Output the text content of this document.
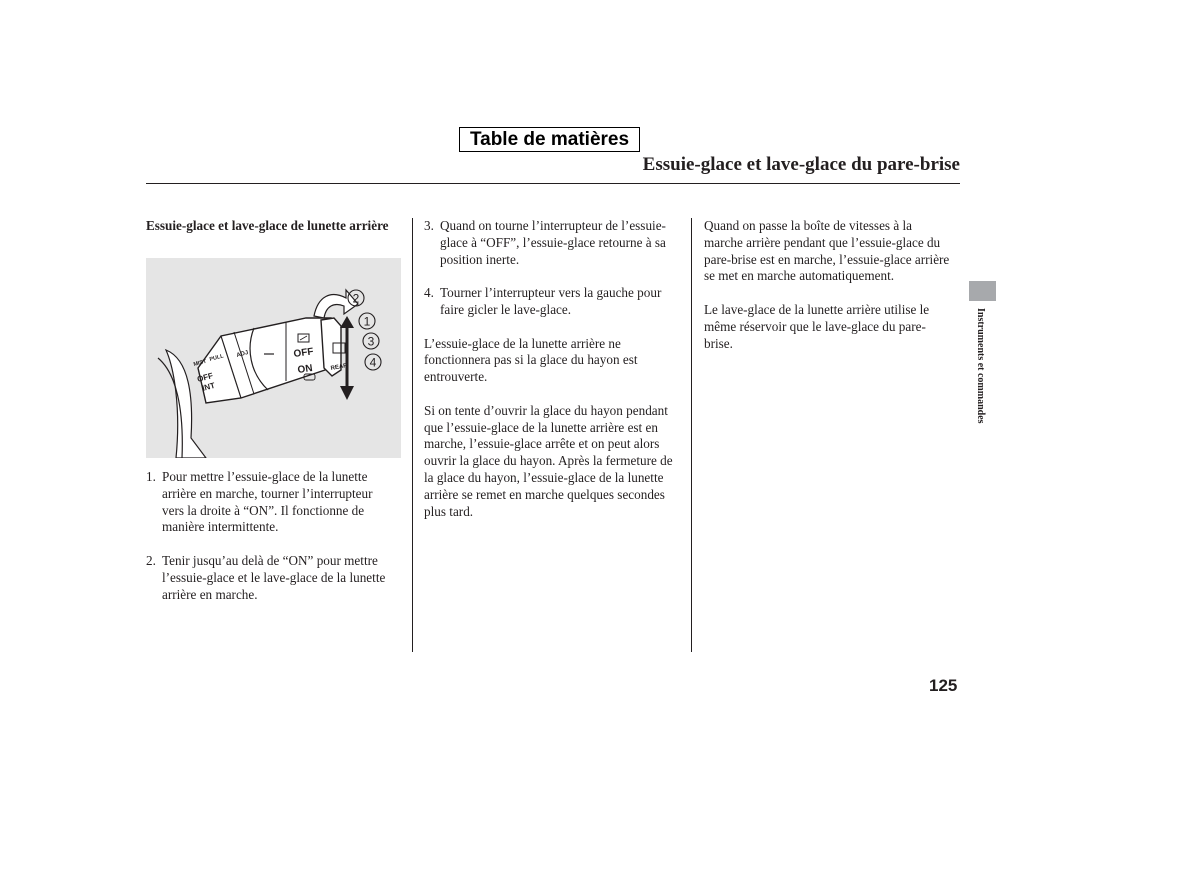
Table de matières
Essuie-glace et lave-glace du pare-brise
Essuie-glace et lave-glace de lunette arrière
OFF
INT
MIST
PULL ADJ	OFF
ON	REAR
2
1
3
4
1. Pour mettre l’essuie-glace de la lunette arrière en marche, tourner l’interrupteur vers la droite à “ON”. Il fonctionne de manière intermittente.
2. Tenir jusqu’au delà de “ON” pour mettre l’essuie-glace et le lave-glace de la lunette arrière en marche.
3. Quand on tourne l’interrupteur de l’essuie-glace à “OFF”, l’essuie-glace retourne à sa position inerte.
4. Tourner l’interrupteur vers la gauche pour faire gicler le lave-glace.

L’essuie-glace de la lunette arrière ne fonctionnera pas si la glace du hayon est entrouverte.

Si on tente d’ouvrir la glace du hayon pendant que l’essuie-glace de la lunette arrière est en marche, l’essuie-glace arrête et on peut alors ouvrir la glace du hayon. Après la fermeture de la glace du hayon, l’essuie-glace de la lunette arrière se remet en marche quelques secondes plus tard.

Quand on passe la boîte de vitesses à la marche arrière pendant que l’essuie-glace du pare-brise est en marche, l’essuie-glace arrière se met en marche automatiquement.

Le lave-glace de la lunette arrière utilise le même réservoir que le lave-glace du pare-brise.	Instruments et commandes
125
